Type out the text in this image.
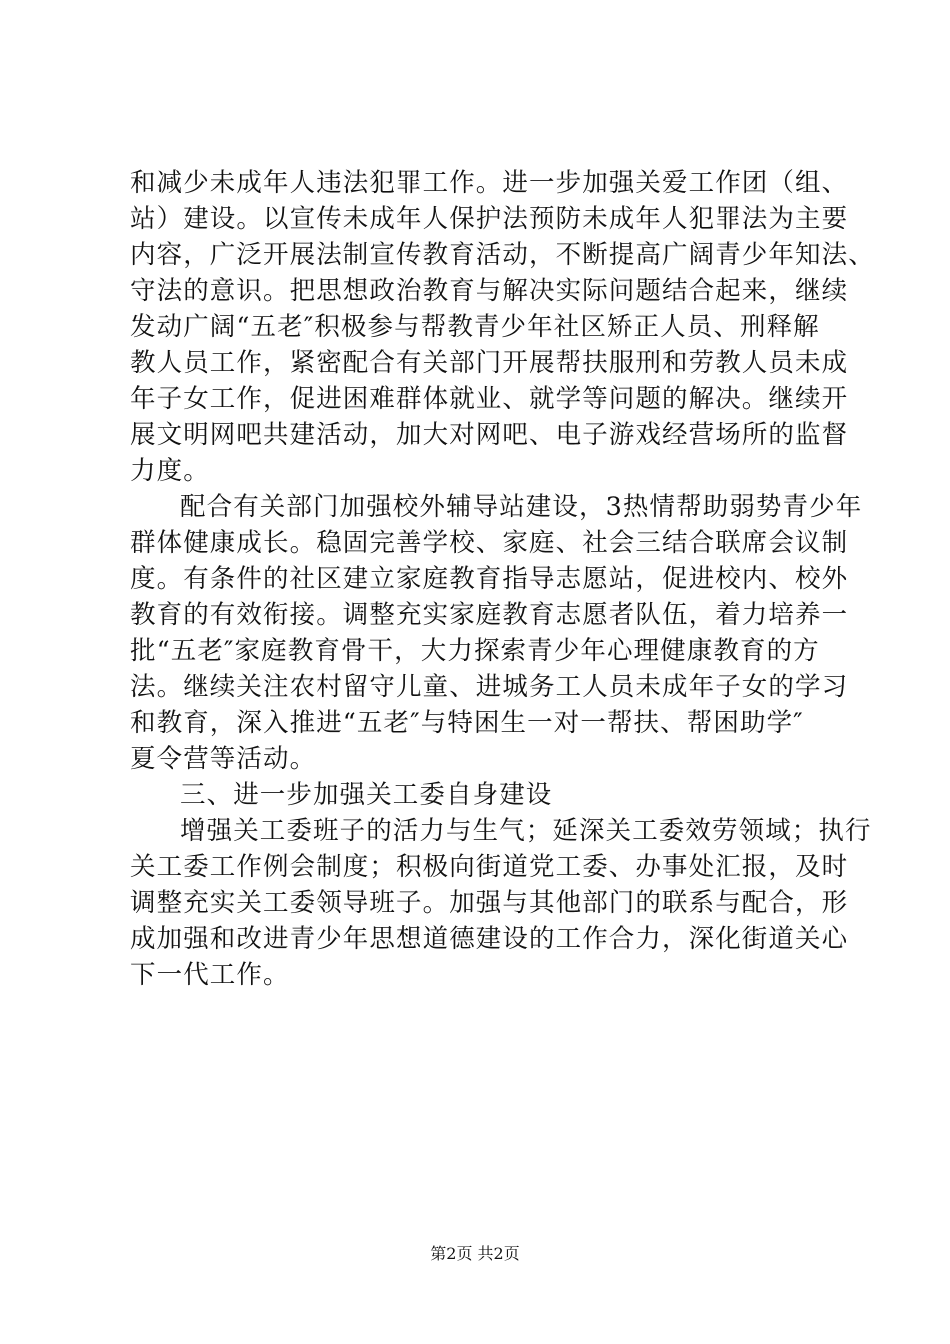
和减少未成年人违法犯罪工作。进一步加强关爱工作团（组、
站）建设。以宣传未成年人保护法预防未成年人犯罪法为主要
内容，广泛开展法制宣传教育活动，不断提高广阔青少年知法、
守法的意识。把思想政治教育与解决实际问题结合起来，继续
发动广阔“五老″积极参与帮教青少年社区矫正人员、刑释解
教人员工作，紧密配合有关部门开展帮扶服刑和劳教人员未成
年子女工作，促进困难群体就业、就学等问题的解决。继续开
展文明网吧共建活动，加大对网吧、电子游戏经营场所的监督
力度。
配合有关部门加强校外辅导站建设，3热情帮助弱势青少年
群体健康成长。稳固完善学校、家庭、社会三结合联席会议制
度。有条件的社区建立家庭教育指导志愿站，促进校内、校外
教育的有效衔接。调整充实家庭教育志愿者队伍，着力培养一
批“五老″家庭教育骨干，大力探索青少年心理健康教育的方
法。继续关注农村留守儿童、进城务工人员未成年子女的学习
和教育，深入推进“五老″与特困生一对一帮扶、帮困助学″
夏令营等活动。
三、进一步加强关工委自身建设
增强关工委班子的活力与生气；延深关工委效劳领域；执行
关工委工作例会制度；积极向街道党工委、办事处汇报，及时
调整充实关工委领导班子。加强与其他部门的联系与配合，形
成加强和改进青少年思想道德建设的工作合力，深化街道关心
下一代工作。
第2页 共2页
